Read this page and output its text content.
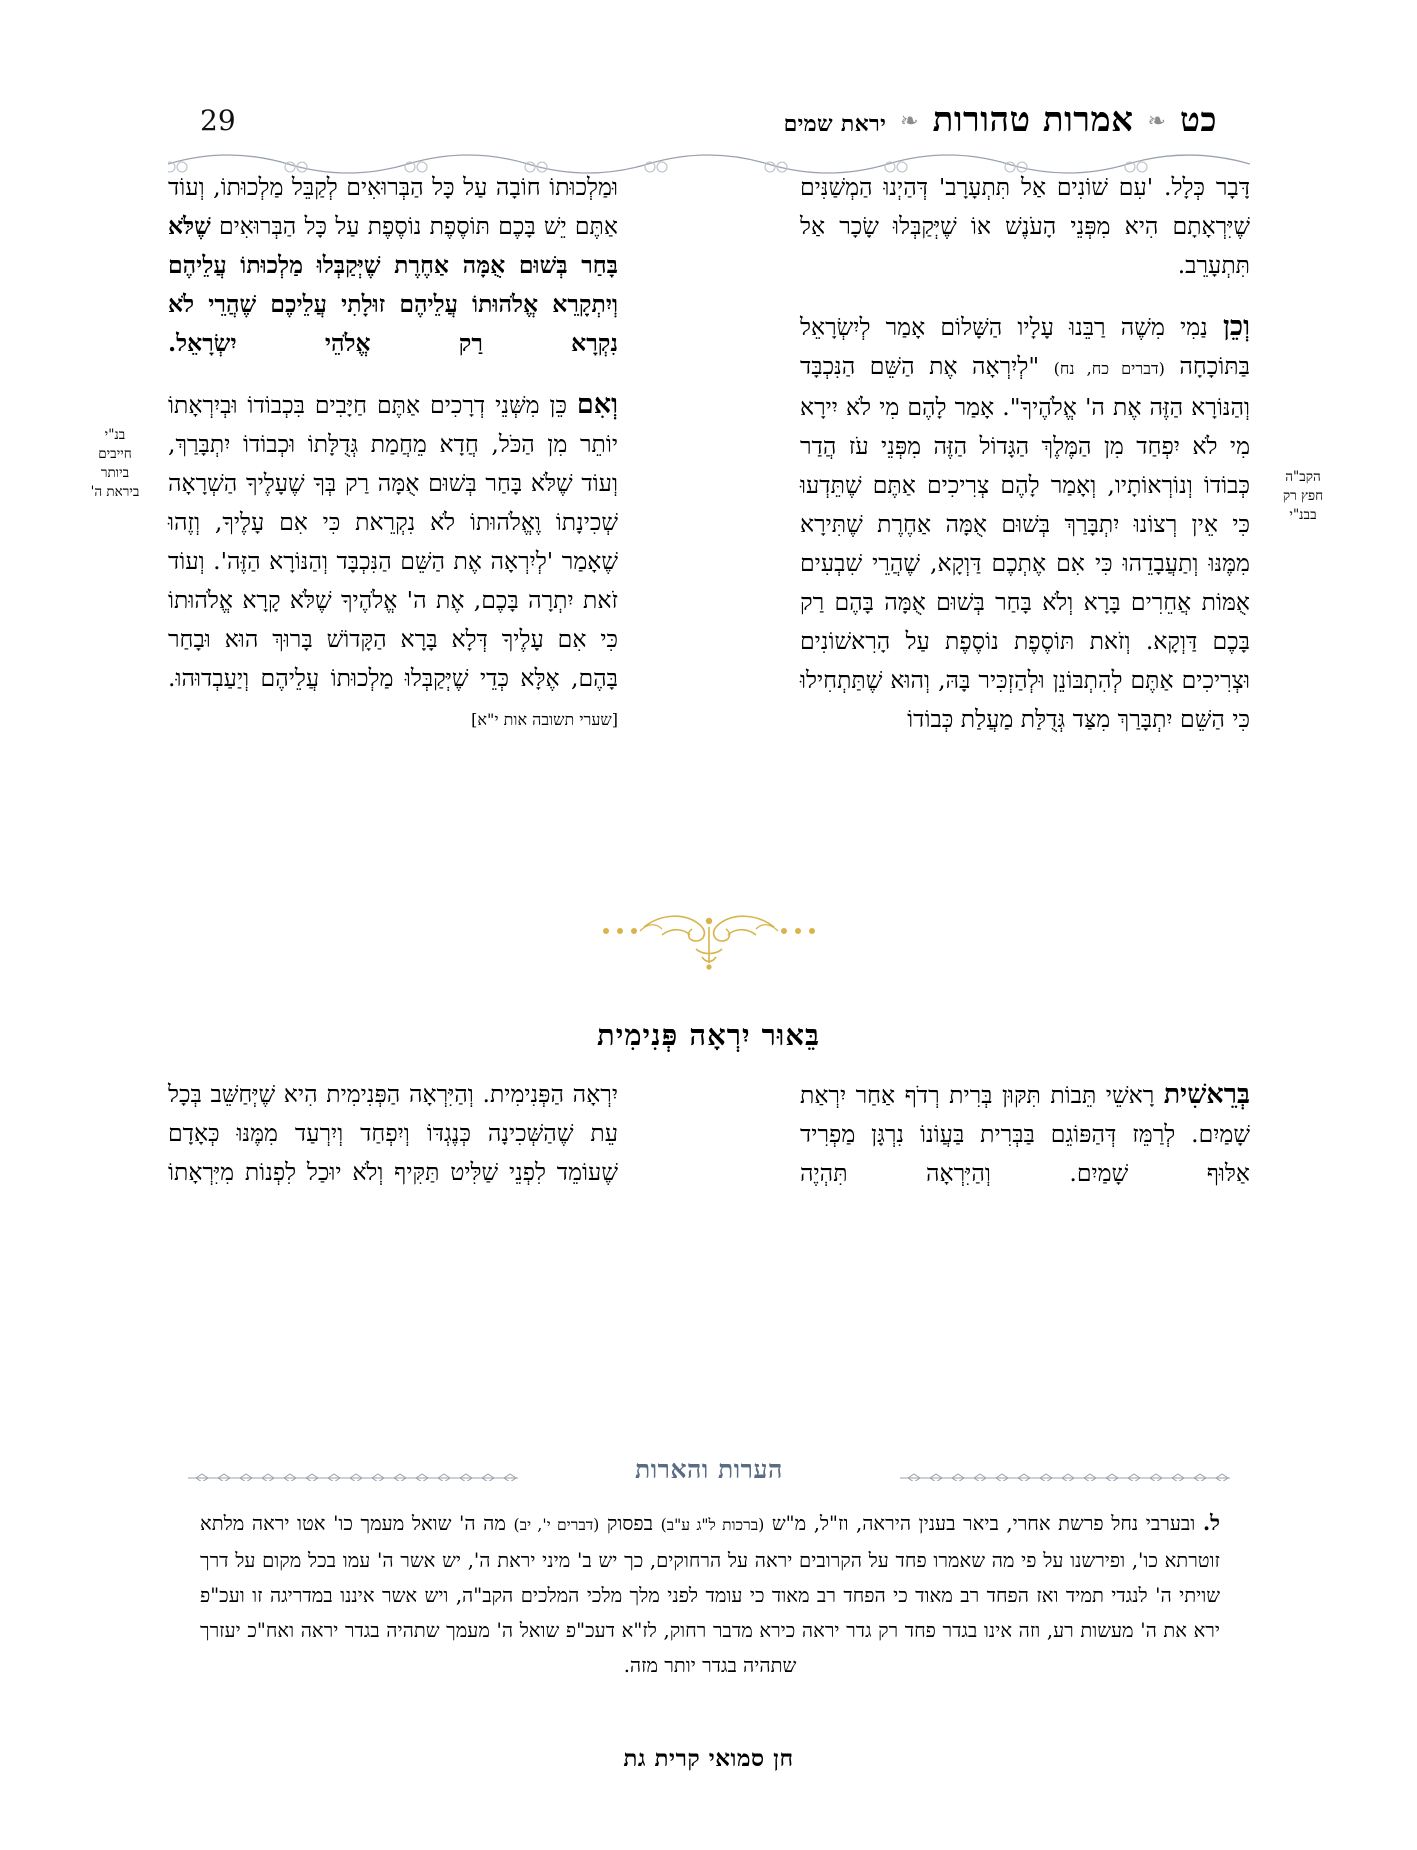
29	כט
❧
אמרות טהורות
❧
יראת שמים

דָּבָר כְּלָל. 'עִם שׁוֹנִים אַל תִּתְעָרָב' דְּהַיְנוּ הַמְשַׁנִּים שֶׁיִּרְאָתָם הִיא מִפְּנֵי הָעֹנֶשׁ אוֹ שֶׁיְּקַבְּלוּ שָׂכָר אַל תִּתְעָרֵב.

וְכֵן נַמִי מִשֶׁה רַבֵּנוּ עָלָיו הַשָּׁלוֹם אָמַר לְיִשְׂרָאֵל בַּתּוֹכָחָה (דברים כח, נח) "לְיִרְאָה אֶת הַשֵּׁם הַנִּכְבָּד וְהַנּוֹרָא הַזֶּה אֶת ה' אֱלֹהֶיךָ". אָמַר לָהֶם מִי לֹא יִירָא מִי לֹא יִפְחַד מִן הַמֶּלֶךְ הַגָּדוֹל הַזֶּה מִפְּנֵי עֹז הֲדַר כְּבוֹדוֹ וְנוֹרְאוֹתָיו, וְאָמַר לָהֶם צְרִיכִים אַתֶּם שֶׁתֵּדְעוּ כִּי אֵין רְצוֹנוּ יִתְבָּרַךְ בְּשׁוּם אֻמָּה אַחֶרֶת שֶׁתִּירָא מִמֶּנּוּ וְתַעֲבָדֵהוּ כִּי אִם אֶתְכֶם דַּוְקָא, שֶׁהֲרֵי שִׁבְעִים אֻמּוֹת אֲחֵרִים בָּרָא וְלֹא בָּחַר בְּשׁוּם אֻמָּה בָּהֶם רַק בָּכֶם דַּוְקָא. וְזֹאת תּוֹסֶפֶת נוֹסֶפֶת עַל הָרִאשׁוֹנִים וּצְרִיכִים אַתֶּם לְהִתְבּוֹנֵן וּלְהַזְכִּיר בָּהּ, וְהוּא שֶׁתַּתְחִילוּ כִּי הַשֵּׁם יִתְבָּרַךְ מִצַּד גְּדֻלַּת מַעֲלַת כְּבוֹדוֹ

הקב"ה
חפץ רק
בבנ"י

וּמַלְכוּתוֹ חוֹבָה עַל כָּל הַבְּרוּאִים לְקַבֵּל מַלְכוּתוֹ, וְעוֹד אַתֶּם יֵשׁ בָּכֶם תּוֹסֶפֶת נוֹסֶפֶת עַל כָּל הַבְּרוּאִים שֶׁלֹּא בָּחַר בְּשׁוּם אֻמָּה אַחֶרֶת שֶׁיְּקַבְּלוּ מַלְכוּתוֹ עֲלֵיהֶם וְיִתְקָרֵא אֱלֹהוּתוֹ עֲלֵיהֶם זוּלָתִי עֲלֵיכֶם שֶׁהֲרֵי לֹא נִקְרָא רַק אֱלֹהֵי יִשְׂרָאֵל.

וְאִם כֵּן מִשְּׁנֵי דְרָכִים אַתֶּם חַיָּבִים בִּכְבוֹדוֹ וּבְיִרְאָתוֹ יוֹתֵר מִן הַכֹּל, חֲדָא מֵחֲמַת גְּדֻלָּתוֹ וּכְבוֹדוֹ יִתְבָּרַךְ, וְעוֹד שֶׁלֹּא בָּחַר בְּשׁוּם אֻמָּה רַק בְּךָ שֶׁעָלֶיךָ הַשְׁרָאָה שְׁכִינָתוֹ וֶאֱלֹהוּתוֹ לֹא נִקְרֵאת כִּי אִם עָלֶיךָ, וְזֶהוּ שֶׁאָמַר 'לְיִרְאָה אֶת הַשֵּׁם הַנִּכְבָּד וְהַנּוֹרָא הַזֶּה'. וְעוֹד זֹאת יִתְרָה בָּכֶם, אֶת ה' אֱלֹהֶיךָ שֶׁלֹּא קָרָא אֱלֹהוּתוֹ כִּי אִם עָלֶיךָ דְּלָא בָּרָא הַקָּדוֹשׁ בָּרוּךְ הוּא וּבָחַר בָּהֶם, אֶלָּא כְּדֵי שֶׁיְּקַבְּלוּ מַלְכוּתוֹ עֲלֵיהֶם וְיַעַבְדוּהוּ. [שערי תשובה אות י"א]

בנ"י
חייבים
ביותר
ביראת ה'
בֵּאוּר יִרְאָה פְּנִימִית

בְּרֵאשִׁית רָאשֵׁי תֵּבוֹת תִּקּוּן בְּרִית רְדֹף אַחַר יִרְאַת שָׁמַיִם. לְרַמֵּז דְּהַפּוֹגֵם בַּבְּרִית בַּעֲוֹנוֹ נִרְגָּן מַפְרִיד אַלּוּף שָׁמַיִם. וְהַיִּרְאָה תִּהְיֶה

יִרְאָה הַפְּנִימִית. וְהַיִּרְאָה הַפְּנִימִית הִיא שֶׁיְּחַשֵּׁב בְּכָל עֵת שֶׁהַשְּׁכִינָה כְּנֶגְדּוֹ וְיִפְחַד וְיִרְעַד מִמֶּנּוּ כְּאָדָם שֶׁעוֹמֵד לִפְנֵי שַׁלִּיט תַּקִּיף וְלֹא יוּכַל לִפְנוֹת מִיִּרְאָתוֹ

הערות והארות

ל. ובערבי נחל פרשת אחרי, ביאר בענין היראה, וז"ל, מ"ש (ברכות ל"ג ע"ב) בפסוק (דברים י', יב) מה ה' שואל מעמך כו' אטו יראה מלתא זוטרתא כו', ופירשנו על פי מה שאמרו פחד על הקרובים יראה על הרחוקים, כך יש ב' מיני יראת ה', יש אשר ה' עמו בכל מקום על דרך שויתי ה' לנגדי תמיד ואז הפחד רב מאוד כי הפחד רב מאוד כי עומד לפני מלך מלכי המלכים הקב"ה, ויש אשר איננו במדריגה זו ועכ"פ ירא את ה' מעשות רע, וזה אינו בגדר פחד רק גדר יראה כירא מדבר רחוק, לז"א דעכ"פ שואל ה' מעמך שתהיה בגדר יראה ואח"כ יעזרך שתהיה בגדר יותר מזה.

חן סמואי קרית גת
